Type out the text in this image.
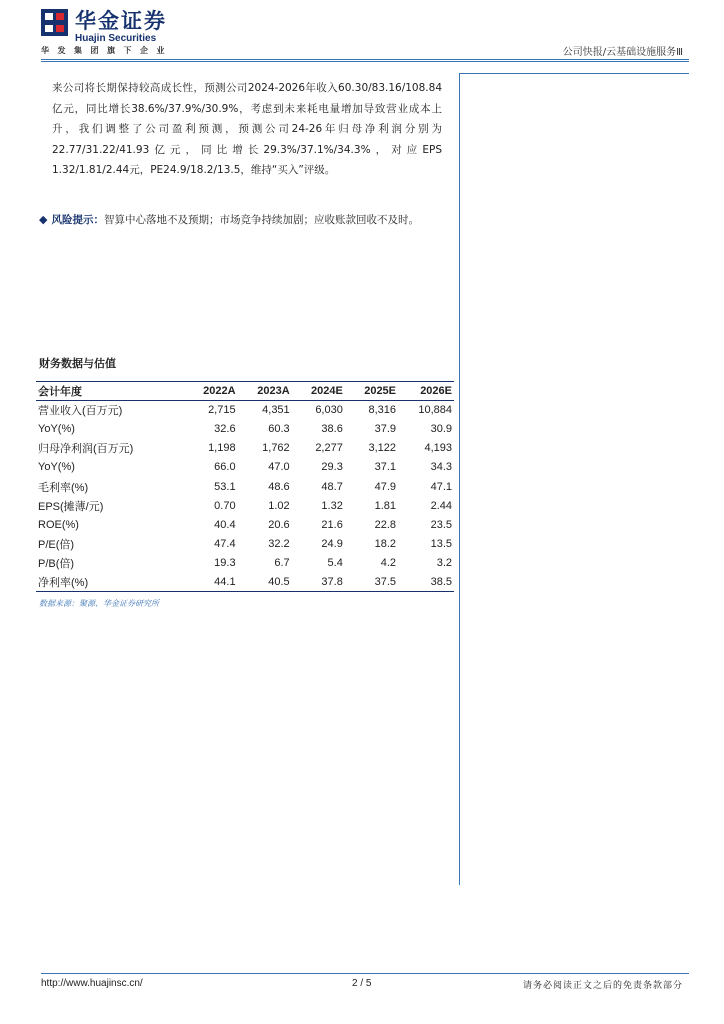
华金证券
Huajin Securities
华发集团旗下企业	公司快报/云基础设施服务Ⅲ
来公司将长期保持较高成长性，预测公司2024-2026年收入60.30/83.16/108.84亿元，同比增长38.6%/37.9%/30.9%，考虑到未来耗电量增加导致营业成本上升，我们调整了公司盈利预测，预测公司24-26年归母净利润分别为22.77/31.22/41.93亿元，同比增长29.3%/37.1%/34.3%，对应EPS 1.32/1.81/2.44元，PE24.9/18.2/13.5，维持“买入”评级。
◆ 风险提示：智算中心落地不及预期；市场竞争持续加剧；应收账款回收不及时。
财务数据与估值
会计年度	2022A	2023A	2024E	2025E	2026E
营业收入(百万元)	2,715	4,351	6,030	8,316	10,884
YoY(%)	32.6	60.3	38.6	37.9	30.9
归母净利润(百万元)	1,198	1,762	2,277	3,122	4,193
YoY(%)	66.0	47.0	29.3	37.1	34.3
毛利率(%)	53.1	48.6	48.7	47.9	47.1
EPS(摊薄/元)	0.70	1.02	1.32	1.81	2.44
ROE(%)	40.4	20.6	21.6	22.8	23.5
P/E(倍)	47.4	32.2	24.9	18.2	13.5
P/B(倍)	19.3	6.7	5.4	4.2	3.2
净利率(%)	44.1	40.5	37.8	37.5	38.5
数据来源：聚源、华金证券研究所
http://www.huajinsc.cn/	2 / 5	请务必阅读正文之后的免责条款部分
